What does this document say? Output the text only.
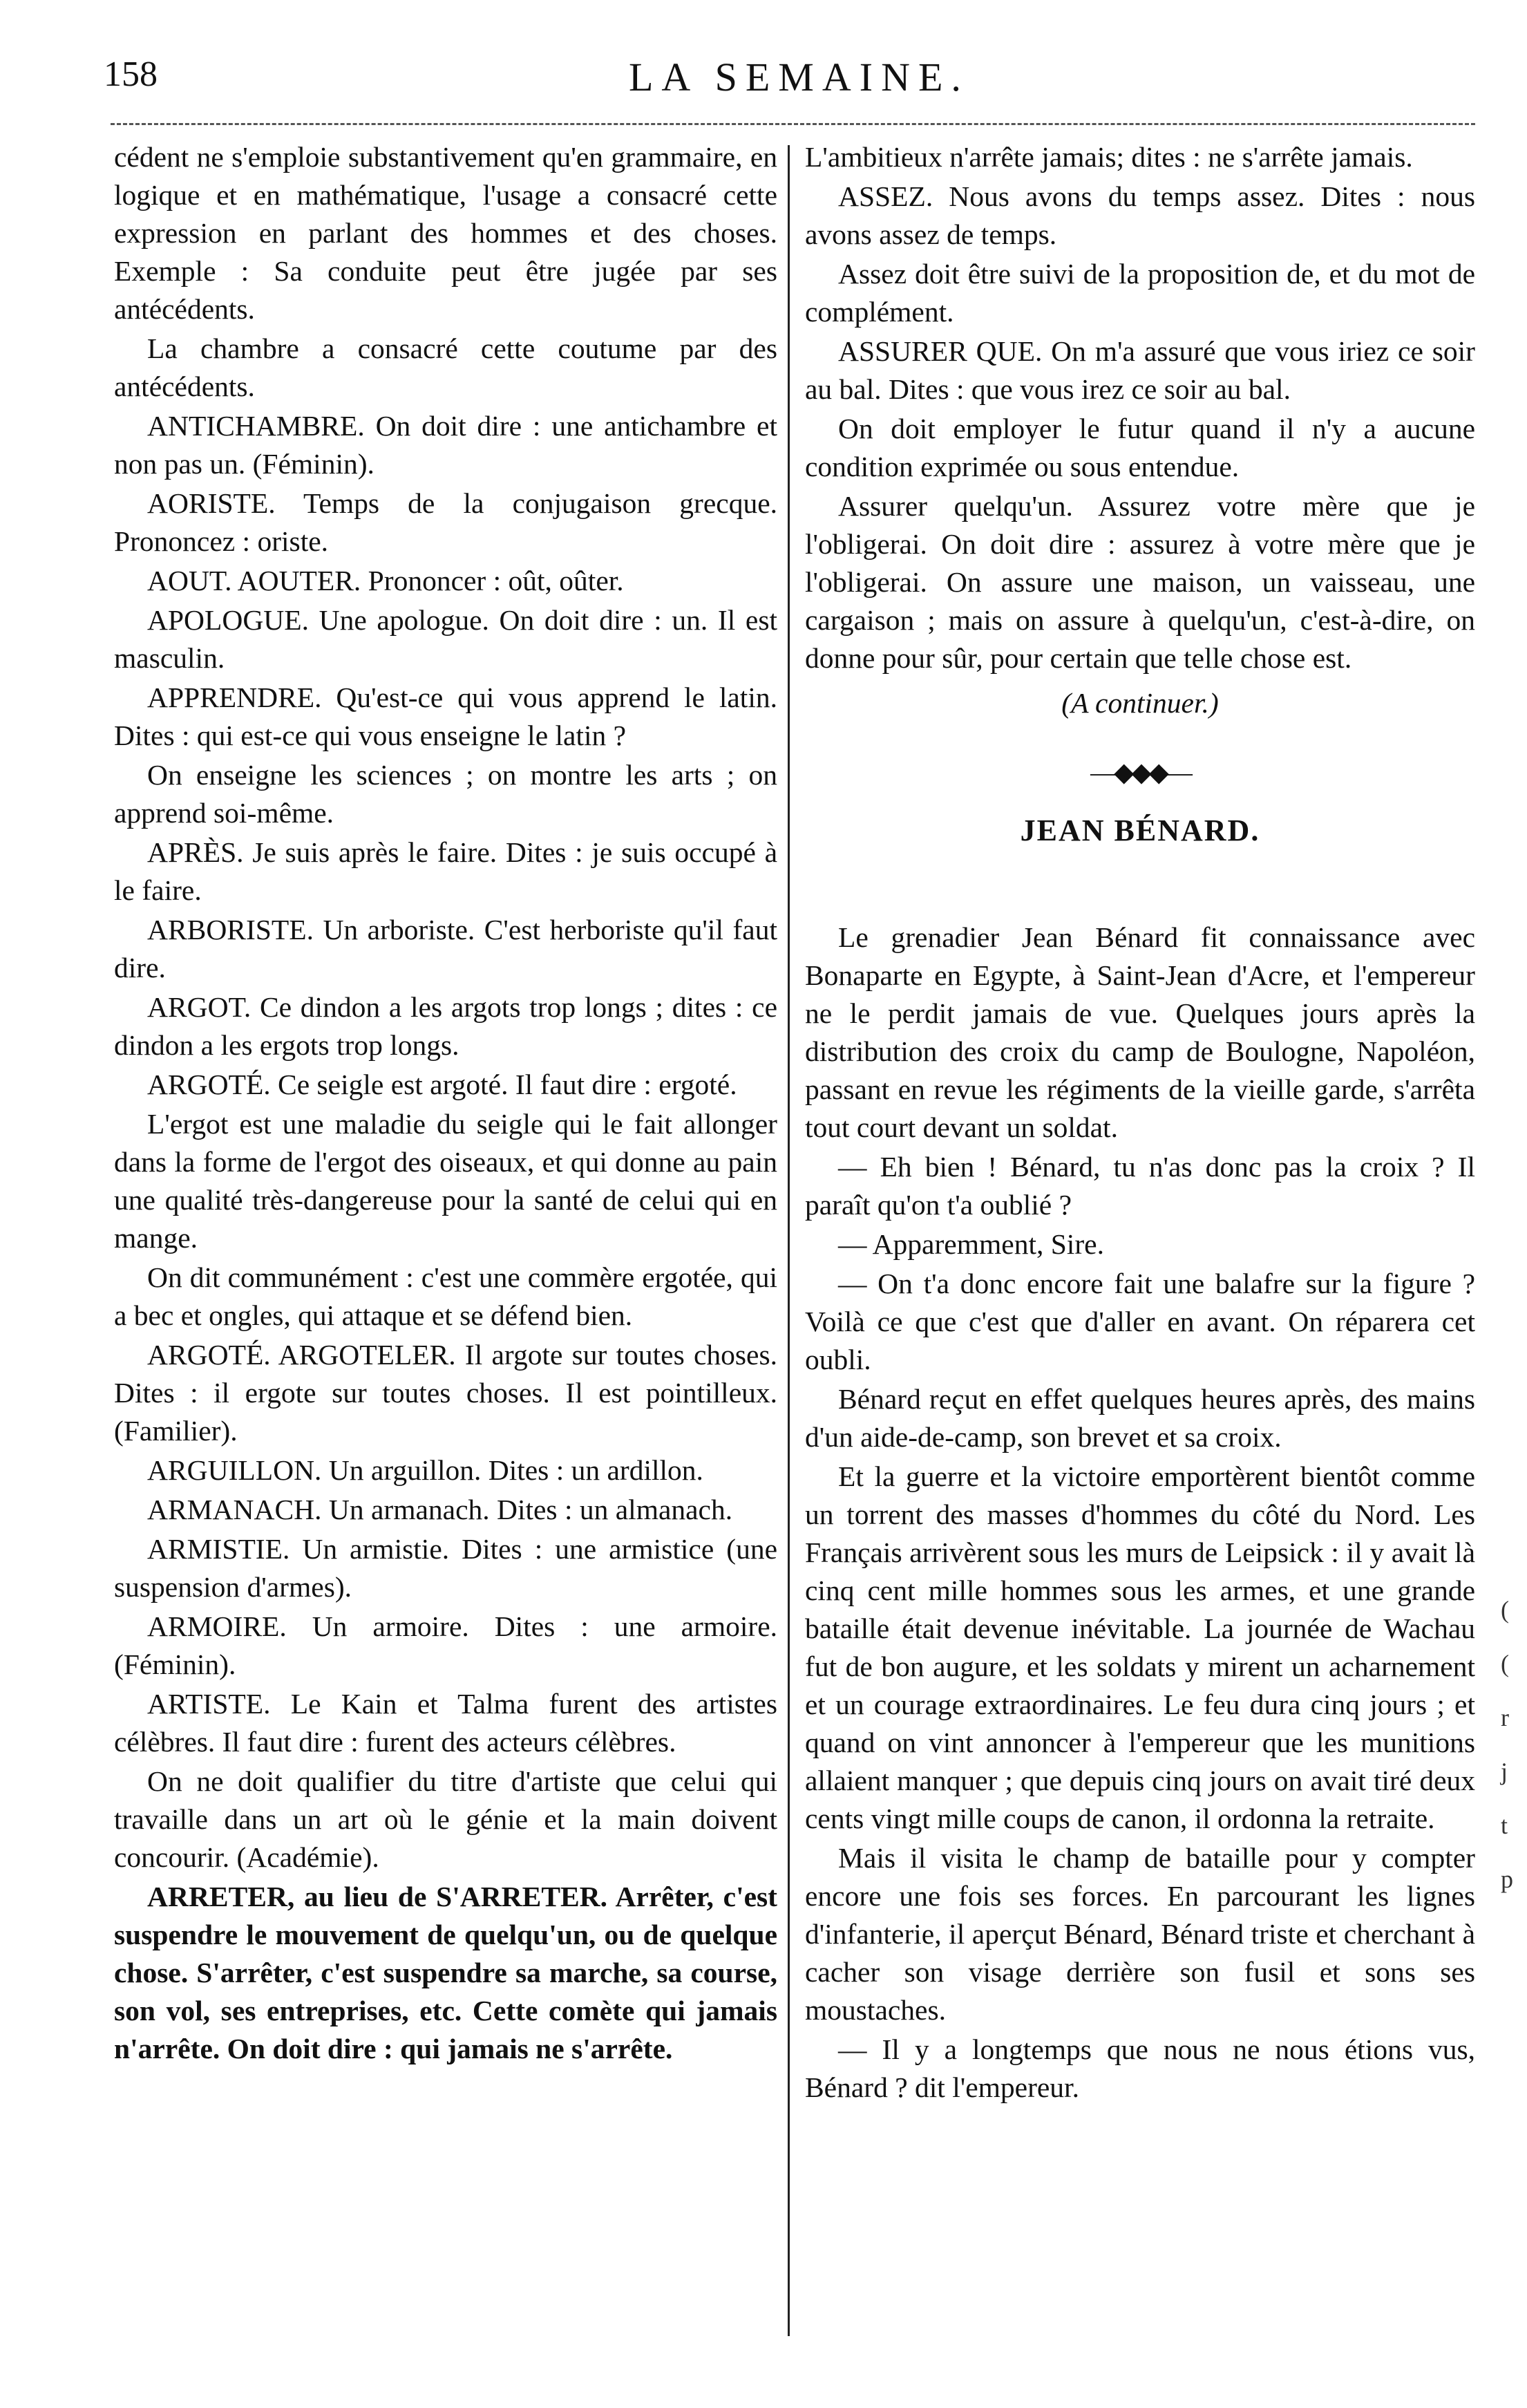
158	LA SEMAINE.

cédent ne s'emploie substantivement qu'en grammaire, en logique et en mathématique, l'usage a consacré cette expression en parlant des hommes et des choses. Exemple : Sa conduite peut être jugée par ses antécédents.

La chambre a consacré cette coutume par des antécédents.

ANTICHAMBRE. On doit dire : une antichambre et non pas un. (Féminin).

AORISTE. Temps de la conjugaison grecque. Prononcez : oriste.

AOUT. AOUTER. Prononcer : oût, oûter.

APOLOGUE. Une apologue. On doit dire : un. Il est masculin.

APPRENDRE. Qu'est-ce qui vous apprend le latin. Dites : qui est-ce qui vous enseigne le latin ?

On enseigne les sciences ; on montre les arts ; on apprend soi-même.

APRÈS. Je suis après le faire. Dites : je suis occupé à le faire.

ARBORISTE. Un arboriste. C'est herboriste qu'il faut dire.

ARGOT. Ce dindon a les argots trop longs ; dites : ce dindon a les ergots trop longs.

ARGOTÉ. Ce seigle est argoté. Il faut dire : ergoté.

L'ergot est une maladie du seigle qui le fait allonger dans la forme de l'ergot des oiseaux, et qui donne au pain une qualité très-dangereuse pour la santé de celui qui en mange.

On dit communément : c'est une commère ergotée, qui a bec et ongles, qui attaque et se défend bien.

ARGOTÉ. ARGOTELER. Il argote sur toutes choses. Dites : il ergote sur toutes choses. Il est pointilleux. (Familier).

ARGUILLON. Un arguillon. Dites : un ardillon.

ARMANACH. Un armanach. Dites : un almanach.

ARMISTIE. Un armistie. Dites : une armistice (une suspension d'armes).

ARMOIRE. Un armoire. Dites : une armoire. (Féminin).

ARTISTE. Le Kain et Talma furent des artistes célèbres. Il faut dire : furent des acteurs célèbres.

On ne doit qualifier du titre d'artiste que celui qui travaille dans un art où le génie et la main doivent concourir. (Académie).

ARRETER, au lieu de S'ARRETER. Arrêter, c'est suspendre le mouvement de quelqu'un, ou de quelque chose. S'arrêter, c'est suspendre sa marche, sa course, son vol, ses entreprises, etc. Cette comète qui jamais n'arrête. On doit dire : qui jamais ne s'arrête.

L'ambitieux n'arrête jamais; dites : ne s'arrête jamais.

ASSEZ. Nous avons du temps assez. Dites : nous avons assez de temps.

Assez doit être suivi de la proposition de, et du mot de complément.

ASSURER QUE. On m'a assuré que vous iriez ce soir au bal. Dites : que vous irez ce soir au bal.

On doit employer le futur quand il n'y a aucune condition exprimée ou sous entendue.

Assurer quelqu'un. Assurez votre mère que je l'obligerai. On doit dire : assurez à votre mère que je l'obligerai. On assure une maison, un vaisseau, une cargaison ; mais on assure à quelqu'un, c'est-à-dire, on donne pour sûr, pour certain que telle chose est.

(A continuer.)
—◆◆◆—
JEAN BÉNARD.

Le grenadier Jean Bénard fit connaissance avec Bonaparte en Egypte, à Saint-Jean d'Acre, et l'empereur ne le perdit jamais de vue. Quelques jours après la distribution des croix du camp de Boulogne, Napoléon, passant en revue les régiments de la vieille garde, s'arrêta tout court devant un soldat.

— Eh bien ! Bénard, tu n'as donc pas la croix ? Il paraît qu'on t'a oublié ?

— Apparemment, Sire.

— On t'a donc encore fait une balafre sur la figure ? Voilà ce que c'est que d'aller en avant. On réparera cet oubli.

Bénard reçut en effet quelques heures après, des mains d'un aide-de-camp, son brevet et sa croix.

Et la guerre et la victoire emportèrent bientôt comme un torrent des masses d'hommes du côté du Nord. Les Français arrivèrent sous les murs de Leipsick : il y avait là cinq cent mille hommes sous les armes, et une grande bataille était devenue inévitable. La journée de Wachau fut de bon augure, et les soldats y mirent un acharnement et un courage extraordinaires. Le feu dura cinq jours ; et quand on vint annoncer à l'empereur que les munitions allaient manquer ; que depuis cinq jours on avait tiré deux cents vingt mille coups de canon, il ordonna la retraite.

Mais il visita le champ de bataille pour y compter encore une fois ses forces. En parcourant les lignes d'infanterie, il aperçut Bénard, Bénard triste et cherchant à cacher son visage derrière son fusil et sons ses moustaches.

— Il y a longtemps que nous ne nous étions vus, Bénard ? dit l'empereur.

(
(
r
j
t
p
